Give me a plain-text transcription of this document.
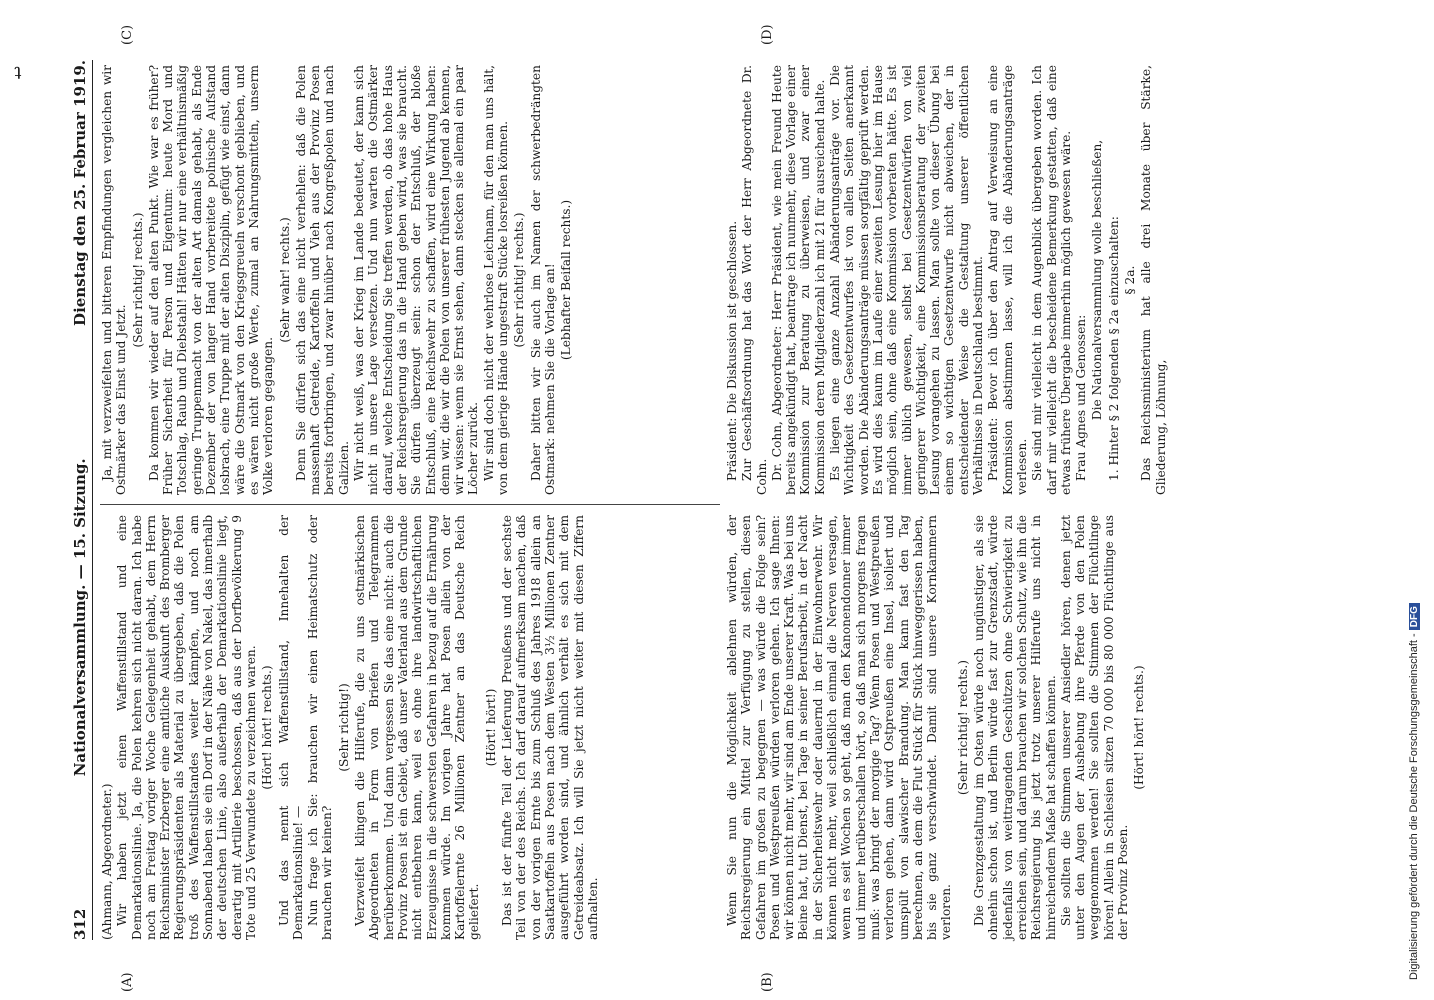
ʇ
312
Nationalversammlung. — 15. Sitzung.
Dienstag den 25. Februar 1919.
(A)	(B)
(C)	(D)

(Ahmann, Abgeordneter.) Wir haben jetzt einen Waffenstillstand und eine Demarkationslinie. Ja, die Polen kehren sich nicht daran. Ich habe noch am Freitag voriger Woche Gelegenheit gehabt, dem Herrn Reichsminister Erzberger eine amtliche Auskunft des Bromberger Regierungspräsidenten als Material zu übergeben, daß die Polen troß des Waffenstillstandes weiter kämpfen, und noch am Sonnabend haben sie ein Dorf in der Nähe von Nakel, das innerhalb der deutschen Linie, also außerhalb der Demarkationslinie liegt, derartig mit Artillerie beschossen, daß aus der Dorfbevölkerung 9 Tote und 25 Verwundete zu verzeichnen waren. (Hört! hört! rechts.) Und das nennt sich Waffenstillstand, Innehalten der Demarkationslinie! — Nun frage ich Sie: brauchen wir einen Heimatschutz oder brauchen wir keinen?

(Sehr richtig!) Verzweifelt klingen die Hilferufe, die zu uns ostmärkischen Abgeordneten in Form von Briefen und Telegrammen herüberkommen. Und dann vergessen Sie das eine nicht: auch die Provinz Posen ist ein Gebiet, daß unser Vaterland aus dem Grunde nicht entbehren kann, weil es ohne ihre landwirtschaftlichen Erzeugnisse in die schwersten Gefahren in bezug auf die Ernährung kommen würde. Im vorigen Jahre hat Posen allein von der Kartoffelernte 26 Millionen Zentner an das Deutsche Reich geliefert.

(Hört! hört!) Das ist der fünfte Teil der Lieferung Preußens und der sechste Teil von der des Reichs. Ich darf darauf aufmerksam machen, daß von der vorigen Ernte bis zum Schluß des Jahres 1918 allein an Saatkartoffeln aus Posen nach dem Westen 3½ Millionen Zentner ausgeführt worden sind, und ähnlich verhält es sich mit dem Getreideabsatz. Ich will Sie jetzt nicht weiter mit diesen Ziffern aufhalten.

Ja, mit verzweifelten und bitteren Empfindungen vergleichen wir Ostmärker das Einst und Jetzt.

(Sehr richtig! rechts.) Da kommen wir wieder auf den alten Punkt. Wie war es früher? Früher Sicherheit für Person und Eigentum: heute Mord und Totschlag, Raub und Diebstahl! Hätten wir nur eine verhältnismäßig geringe Truppenmacht von der alten Art damals gehabt, als Ende Dezember der von langer Hand vorbereitete polnische Aufstand losbrach, eine Truppe mit der alten Disziplin, gefügt wie einst, dann wäre die Ostmark von den Kriegsgreueln verschont geblieben, und es wären nicht große Werte, zumal an Nahrungsmitteln, unserm Volke verloren gegangen.

(Sehr wahr! rechts.) Denn Sie dürfen sich das eine nicht verhehlen: daß die Polen massenhaft Getreide, Kartoffeln und Vieh aus der Provinz Posen bereits fortbringen, und zwar hinüber nach Kongreßpolen und nach Galizien. Wir nicht weiß, was der Krieg im Lande bedeutet, der kann sich nicht in unsere Lage versetzen. Und nun warten die Ostmärker darauf, welche Entscheidung Sie treffen werden, ob das hohe Haus der Reichsregierung das in die Hand geben wird, was sie braucht. Sie dürfen überzeugt sein: schon der Entschluß, der bloße Entschluß, eine Reichswehr zu schaffen, wird eine Wirkung haben: denn wir, die wir die Polen von unserer frühesten Jugend ab kennen, wir wissen: wenn sie Ernst sehen, dann stecken sie allemal ein paar Löcher zurück. Wir sind doch nicht der wehrlose Leichnam, für den man uns hält, von dem gierige Hände ungestraft Stücke losreißen können. (Sehr richtig! rechts.) Daher bitten wir Sie auch im Namen der schwerbedrängten Ostmark: nehmen Sie die Vorlage an! (Lebhafter Beifall rechts.)

Wenn Sie nun die Möglichkeit ablehnen würden, der Reichsregierung ein Mittel zur Verfügung zu stellen, diesen Gefahren im großen zu begegnen — was würde die Folge sein? Posen und Westpreußen würden verloren gehen. Ich sage Ihnen: wir können nicht mehr, wir sind am Ende unserer Kraft. Was bei uns Beine hat, tut Dienst, bei Tage in seiner Berufsarbeit, in der Nacht in der Sicherheitswehr oder dauernd in der Einwohnerwehr. Wir können nicht mehr, weil schließlich einmal die Nerven versagen, wenn es seit Wochen so geht, daß man den Kanonendonner immer und immer herüberschallen hört, so daß man sich morgens fragen muß: was bringt der morgige Tag? Wenn Posen und Westpreußen verloren gehen, dann wird Ostpreußen eine Insel, isoliert und umspült von slawischer Brandung. Man kann fast den Tag berechnen, an dem die Flut Stück für Stück hinweggerissen haben, bis sie ganz verschwindet. Damit sind unsere Kornkammern verloren.

(Sehr richtig! rechts.) Die Grenzgestaltung im Osten würde noch ungünstiger, als sie ohnehin schon ist, und Berlin würde fast zur Grenzstadt, würde jedenfalls von weittragenden Geschützen ohne Schwierigkeit zu erreichen sein, und darum brauchen wir solchen Schutz, wie ihn die Reichsregierung bis jetzt trotz unserer Hilferufe uns nicht in hinreichendem Maße hat schaffen können. Sie sollten die Stimmen unserer Ansiedler hören, denen jetzt unter den Augen der Aushebung ihre Pferde von den Polen weggenommen werden! Sie sollten die Stimmen der Flüchtlinge hören! Allein in Schlesien sitzen 70 000 bis 80 000 Flüchtlinge aus der Provinz Posen.

(Hört! hört! rechts.)

Präsident: Die Diskussion ist geschlossen. Zur Geschäftsordnung hat das Wort der Herr Abgeordnete Dr. Cohn. Dr. Cohn, Abgeordneter: Herr Präsident, wie mein Freund Heute bereits angekündigt hat, beantrage ich nunmehr, diese Vorlage einer Kommission zur Beratung zu überweisen, und zwar einer Kommission deren Mitgliederzahl ich mit 21 für ausreichend halte. Es liegen eine ganze Anzahl Abänderungsanträge vor. Die Wichtigkeit des Gesetzentwurfes ist von allen Seiten anerkannt worden. Die Abänderungsanträge müssen sorgfältig geprüft werden. Es wird dies kaum im Laufe einer zweiten Lesung hier im Hause möglich sein, ohne daß eine Kommission vorberaten hätte. Es ist immer üblich gewesen, selbst bei Gesetzentwürfen von viel geringerer Wichtigkeit, eine Kommissionsberatung der zweiten Lesung vorangehen zu lassen. Man sollte von dieser Übung bei einem so wichtigen Gesetzentwurfe nicht abweichen, der in entscheidender Weise die Gestaltung unserer öffentlichen Verhältnisse in Deutschland bestimmt. Präsident: Bevor ich über den Antrag auf Verweisung an eine Kommission abstimmen lasse, will ich die Abänderungsanträge verlesen. Sie sind mir vielleicht in dem Augenblick übergeben worden. Ich darf mir vielleicht die bescheidene Bemerkung gestatten, daß eine etwas frühere Übergabe immerhin möglich gewesen wäre. Frau Agnes und Genossen: Die Nationalversammlung wolle beschließen, 1. Hinter § 2 folgenden § 2a einzuschalten: § 2a. Das Reichsministerium hat alle drei Monate über Stärke, Gliederung, Löhnung,

Digitalisierung gefördert durch die Deutsche Forschungsgemeinschaft - DFG
